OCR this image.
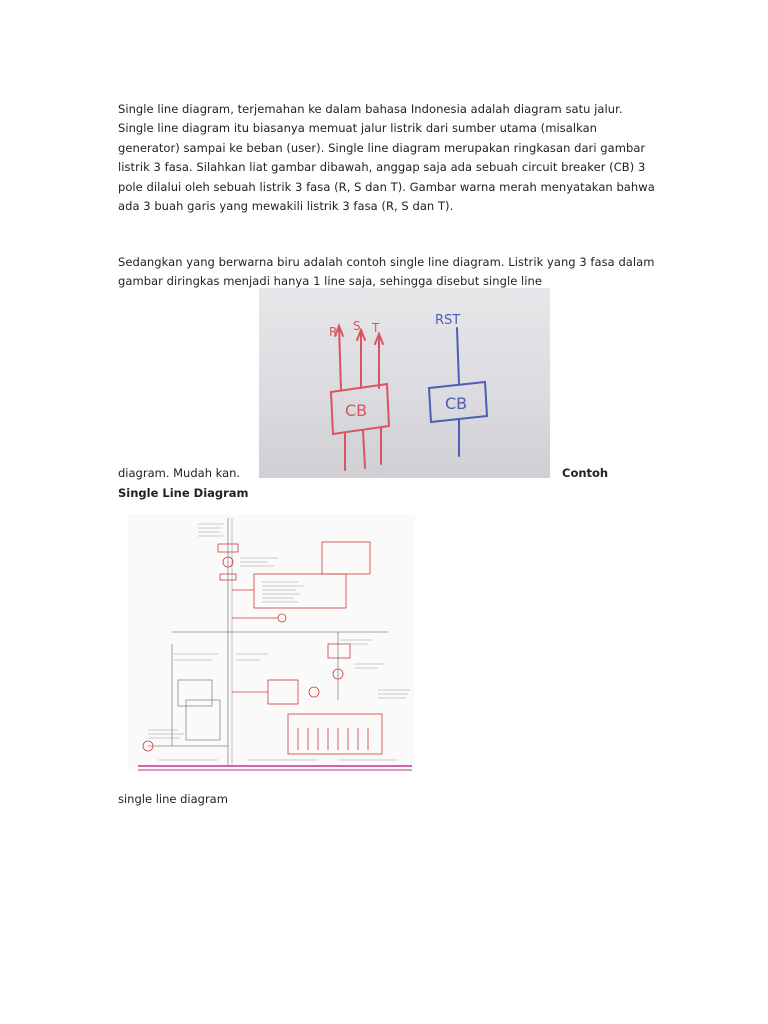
Single line diagram, terjemahan ke dalam bahasa Indonesia adalah diagram satu jalur. Single line diagram itu biasanya memuat jalur listrik dari sumber utama (misalkan generator) sampai ke beban (user). Single line diagram merupakan ringkasan dari gambar listrik 3 fasa. Silahkan liat gambar dibawah, anggap saja ada sebuah circuit breaker (CB) 3 pole dilalui oleh sebuah listrik 3 fasa (R, S dan T). Gambar warna merah menyatakan bahwa ada 3 buah garis yang mewakili listrik 3 fasa (R, S dan T).

Sedangkan yang berwarna biru adalah contoh single line diagram. Listrik yang 3 fasa dalam gambar diringkas menjadi hanya 1 line saja, sehingga disebut single line

R S T
CB
RST
CB
diagram. Mudah kan.	Contoh
Single Line Diagram
single line diagram
